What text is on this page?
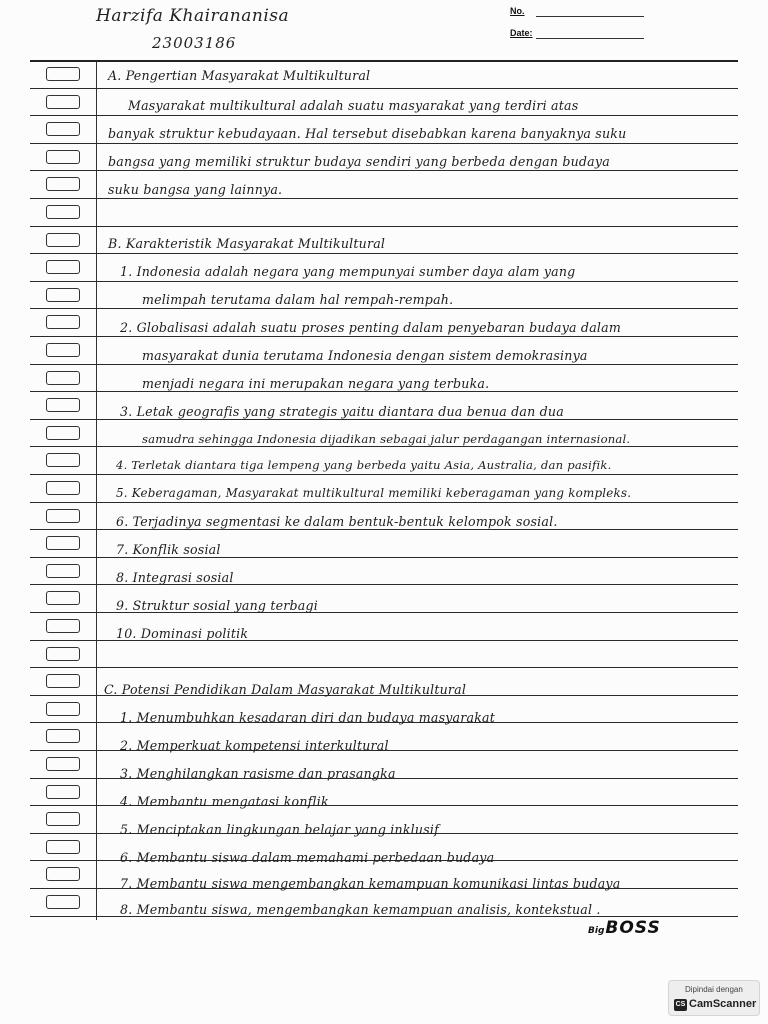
Harzifa Khairananisa
23003186
No.
Date:
A. Pengertian Masyarakat Multikultural
Masyarakat multikultural adalah suatu masyarakat yang terdiri atas
banyak struktur kebudayaan. Hal tersebut disebabkan karena banyaknya suku
bangsa yang memiliki struktur budaya sendiri yang berbeda dengan budaya
suku bangsa yang lainnya.
B. Karakteristik Masyarakat Multikultural
1. Indonesia adalah negara yang mempunyai sumber daya alam yang
melimpah terutama dalam hal rempah-rempah.
2. Globalisasi adalah suatu proses penting dalam penyebaran budaya dalam
masyarakat dunia terutama Indonesia dengan sistem demokrasinya
menjadi negara ini merupakan negara yang terbuka.
3. Letak geografis yang strategis yaitu diantara dua benua dan dua
samudra sehingga Indonesia dijadikan sebagai jalur perdagangan internasional.
4. Terletak diantara tiga lempeng yang berbeda yaitu Asia, Australia, dan pasifik.
5. Keberagaman, Masyarakat multikultural memiliki keberagaman yang kompleks.
6. Terjadinya segmentasi ke dalam bentuk-bentuk kelompok sosial.
7. Konflik sosial
8. Integrasi sosial
9. Struktur sosial yang terbagi
10. Dominasi politik
C. Potensi Pendidikan Dalam Masyarakat Multikultural
1. Menumbuhkan kesadaran diri dan budaya masyarakat
2. Memperkuat kompetensi interkultural
3. Menghilangkan rasisme dan prasangka
4. Membantu mengatasi konflik
5. Menciptakan lingkungan belajar yang inklusif
6. Membantu siswa dalam memahami perbedaan budaya
7. Membantu siswa mengembangkan kemampuan komunikasi lintas budaya
8. Membantu siswa, mengembangkan kemampuan analisis, kontekstual .
BigBOSS
Dipindai dengan
CS CamScanner
